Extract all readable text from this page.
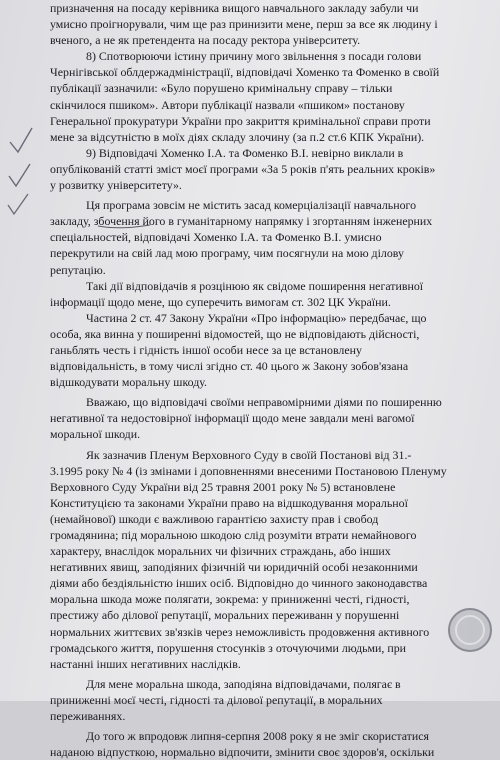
призначення на посаду керівника вищого навчального закладу забули чи
умисно проігнорували, чим ще раз принизити мене, перш за все як людину і
вченого, а не як претендента на посаду ректора університету.
8) Спотворюючи істину причину мого звільнення з посади голови
Чернігівської облдержадміністрації, відповідачі Хоменко та Фоменко в своїй
публікації зазначили: «Було порушено кримінальну справу – тільки
скінчилося пшиком». Автори публікації назвали «пшиком» постанову
Генеральної прокуратури України про закриття кримінальної справи проти
мене за відсутністю в моїх діях складу злочину (за п.2 ст.6 КПК України).
9) Відповідачі Хоменко І.А. та Фоменко В.І. невірно виклали в
опублікованій статті зміст моєї програми «За 5 років п'ять реальних кроків»
у розвитку університету».
Ця програма зовсім не містить засад комерціалізації навчального
закладу, збочення його в гуманітарному напрямку і згортанням інженерних
спеціальностей, відповідачі Хоменко І.А. та Фоменко В.І. умисно
перекрутили на свій лад мою програму, чим посягнули на мою ділову
репутацію.
Такі дії відповідачів я розцінюю як свідоме поширення негативної
інформації щодо мене, що суперечить вимогам ст. 302 ЦК України.
Частина 2 ст. 47 Закону України «Про інформацію» передбачає, що
особа, яка винна у поширенні відомостей, що не відповідають дійсності,
ганьблять честь і гідність іншої особи несе за це встановлену
відповідальність, в тому числі згідно ст. 40 цього ж Закону зобов'язана
відшкодувати моральну шкоду.
Вважаю, що відповідачі своїми неправомірними діями по поширенню
негативної та недостовірної інформації щодо мене завдали мені вагомої
моральної шкоди.
Як зазначив Пленум Верховного Суду в своїй Постанові від 31.-
3.1995 року № 4 (із змінами і доповненнями внесеними Постановою Пленуму
Верховного Суду України від 25 травня 2001 року № 5) встановлене
Конституцією та законами України право на відшкодування моральної
(немайнової) шкоди є важливою гарантією захисту прав і свобод
громадянина; під моральною шкодою слід розуміти втрати немайнового
характеру, внаслідок моральних чи фізичних страждань, або інших
негативних явищ, заподіяних фізичній чи юридичній особі незаконними
діями або бездіяльністю інших осіб. Відповідно до чинного законодавства
моральна шкода може полягати, зокрема: у приниженні честі, гідності,
престижу або ділової репутації, моральних переживанн у порушенні
нормальних життєвих зв'язків через неможливість продовження активного
громадського життя, порушення стосунків з оточуючими людьми, при
настанні інших негативних наслідків.
Для мене моральна шкода, заподіяна відповідачами, полягає в
приниженні моєї честі, гідності та ділової репутації, в моральних
переживаннях.
До того ж впродовж липня-серпня 2008 року я не зміг скористатися
наданою відпусткою, нормально відпочити, змінити своє здоров'я, оскільки
